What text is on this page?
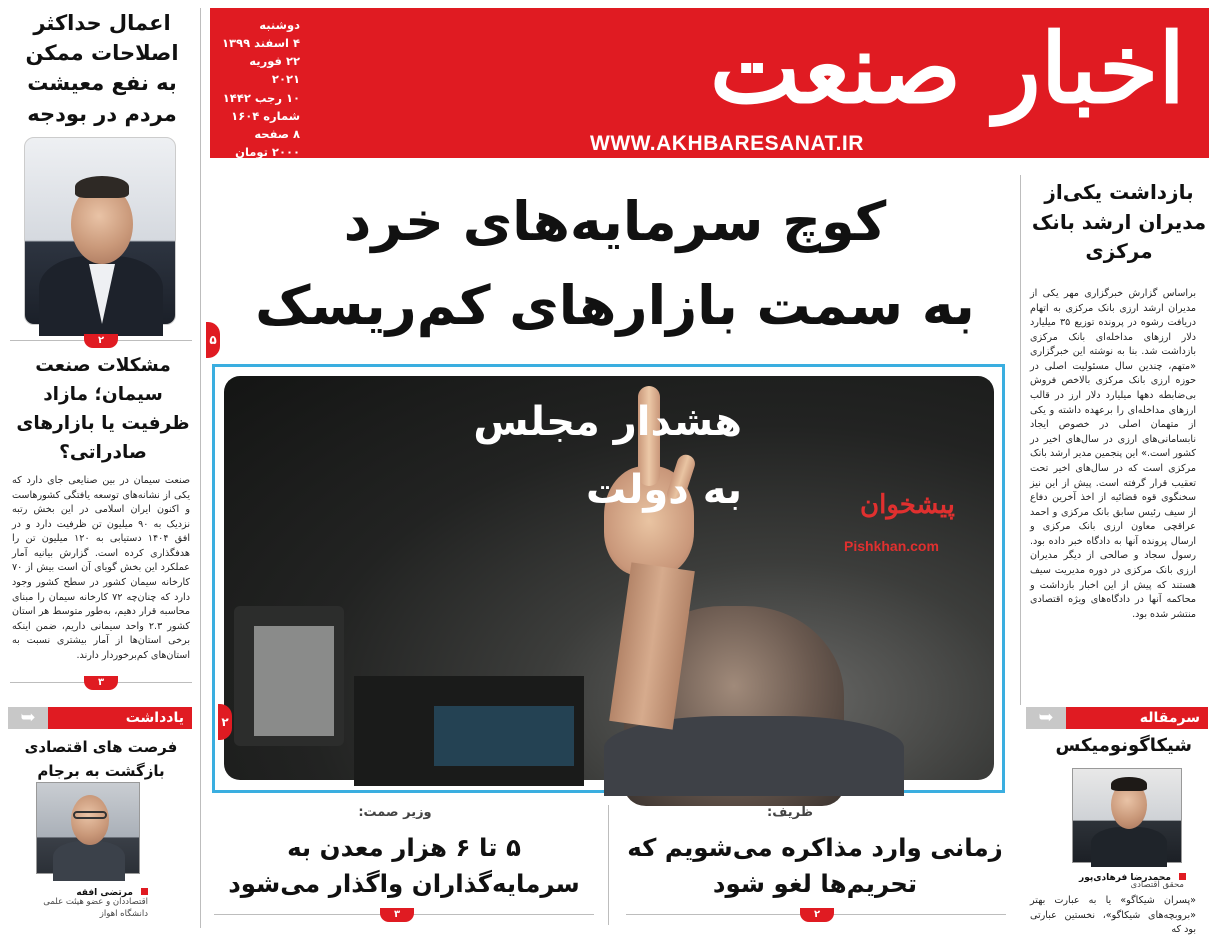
اخبار صنعت
WWW.AKHBARESANAT.IR
دوشنبه
۴ اسفند ۱۳۹۹
۲۲ فوریه ۲۰۲۱
۱۰ رجب ۱۴۴۲
شماره ۱۶۰۴
۸ صفحه
۲۰۰۰ تومان
اعمال حداکثر اصلاحات ممکن به نفع معیشت مردم در بودجه
۲
مشکلات صنعت سیمان؛ مازاد ظرفیت یا بازارهای صادراتی؟
صنعت سیمان در بین صنایعی جای دارد که یکی از نشانه‌های توسعه یافتگی کشورهاست و اکنون ایران اسلامی در این بخش رتبه نزدیک به ۹۰ میلیون تن ظرفیت دارد و در افق ۱۴۰۴ دستیابی به ۱۲۰ میلیون تن را هدفگذاری کرده است. گزارش بیانیه آمار عملکرد این بخش گویای آن است بیش از ۷۰ کارخانه سیمان کشور در سطح کشور وجود دارد که چنان‌چه ۷۲ کارخانه سیمان را مبنای محاسبه قرار دهیم، به‌طور متوسط هر استان کشور ۲.۳ واحد سیمانی داریم، ضمن اینکه برخی استان‌ها از آمار بیشتری نسبت به استان‌های کم‌برخوردار دارند.
۳
➥	یادداشت
فرصت های اقتصادی بازگشت به برجام
مرتضی افقه
اقتصاددان و عضو هیئت علمی دانشگاه اهواز
کوچ سرمایه‌های خرد
به سمت بازارهای کم‌ریسک
۵
هشدار مجلس
به دولت	پیشخوان
Pishkhan.com
۲
ظریف:
زمانی وارد مذاکره می‌شویم که تحریم‌ها لغو شود
۲
وزیر صمت:
۵ تا ۶ هزار معدن به سرمایه‌گذاران واگذار می‌شود
۳
بازداشت یکی‌از مدیران ارشد بانک مرکزی
براساس گزارش خبرگزاری مهر یکی از مدیران ارشد ارزی بانک مرکزی به اتهام دریافت رشوه در پرونده توزیع ۳۵ میلیارد دلار ارزهای مداخله‌ای بانک مرکزی بازداشت شد. بنا به نوشته این خبرگزاری «متهم، چندین سال مسئولیت اصلی در حوزه ارزی بانک مرکزی بالاخص فروش بی‌ضابطه دهها میلیارد دلار ارز در قالب ارزهای مداخله‌ای را برعهده داشته و یکی از متهمان اصلی در خصوص ایجاد نابسامانی‌های ارزی در سال‌های اخیر در کشور است.» این پنجمین مدیر ارشد بانک مرکزی است که در سال‌های اخیر تحت تعقیب قرار گرفته است. پیش از این نیز سخنگوی قوه قضائیه از اخذ آخرین دفاع از سیف رئیس سابق بانک مرکزی و احمد عراقچی معاون ارزی بانک مرکزی و ارسال پرونده آنها به دادگاه خبر داده بود. رسول سجاد و صالحی از دیگر مدیران ارزی بانک مرکزی در دوره مدیریت سیف هستند که پیش از این اخبار بازداشت و محاکمه آنها در دادگاه‌های ویژه اقتصادی منتشر شده بود.
➥	سرمقاله
شیکاگونومیکس
محمدرضا فرهادی‌پور
محقق اقتصادی
«پسران شیکاگو» یا به عبارت بهتر «بروبچه‌های شیکاگو»، نخستین عبارتی بود که
